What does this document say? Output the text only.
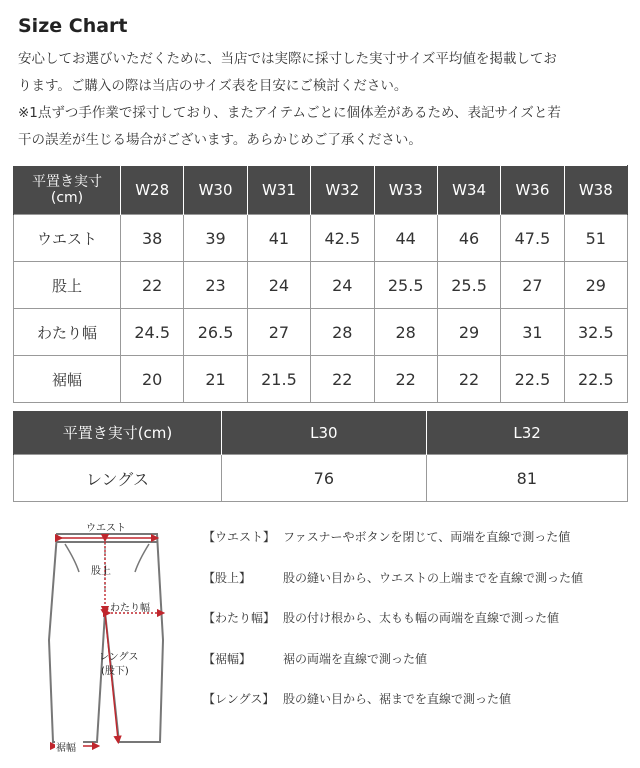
Size Chart

安心してお選びいただくために、当店では実際に採寸した実寸サイズ平均値を掲載してお

ります。ご購入の際は当店のサイズ表を目安にご検討ください。

※1点ずつ手作業で採寸しており、またアイテムごとに個体差があるため、表記サイズと若

干の誤差が生じる場合がございます。あらかじめご了承ください。

平置き実寸
(cm)	W28	W30	W31	W32	W33	W34	W36	W38
ウエスト	38	39	41	42.5	44	46	47.5	51
股上	22	23	24	24	25.5	25.5	27	29
わたり幅	24.5	26.5	27	28	28	29	31	32.5
裾幅	20	21	21.5	22	22	22	22.5	22.5
平置き実寸(cm)	L30	L32
レングス	76	81
ウエスト
股上
わたり幅
レングス
(股下)
裾幅
【ウエスト】 ファスナーやボタンを閉じて、両端を直線で測った値
【股上】	股の縫い目から、ウエストの上端までを直線で測った値
【わたり幅】 股の付け根から、太もも幅の両端を直線で測った値
【裾幅】	裾の両端を直線で測った値
【レングス】 股の縫い目から、裾までを直線で測った値
